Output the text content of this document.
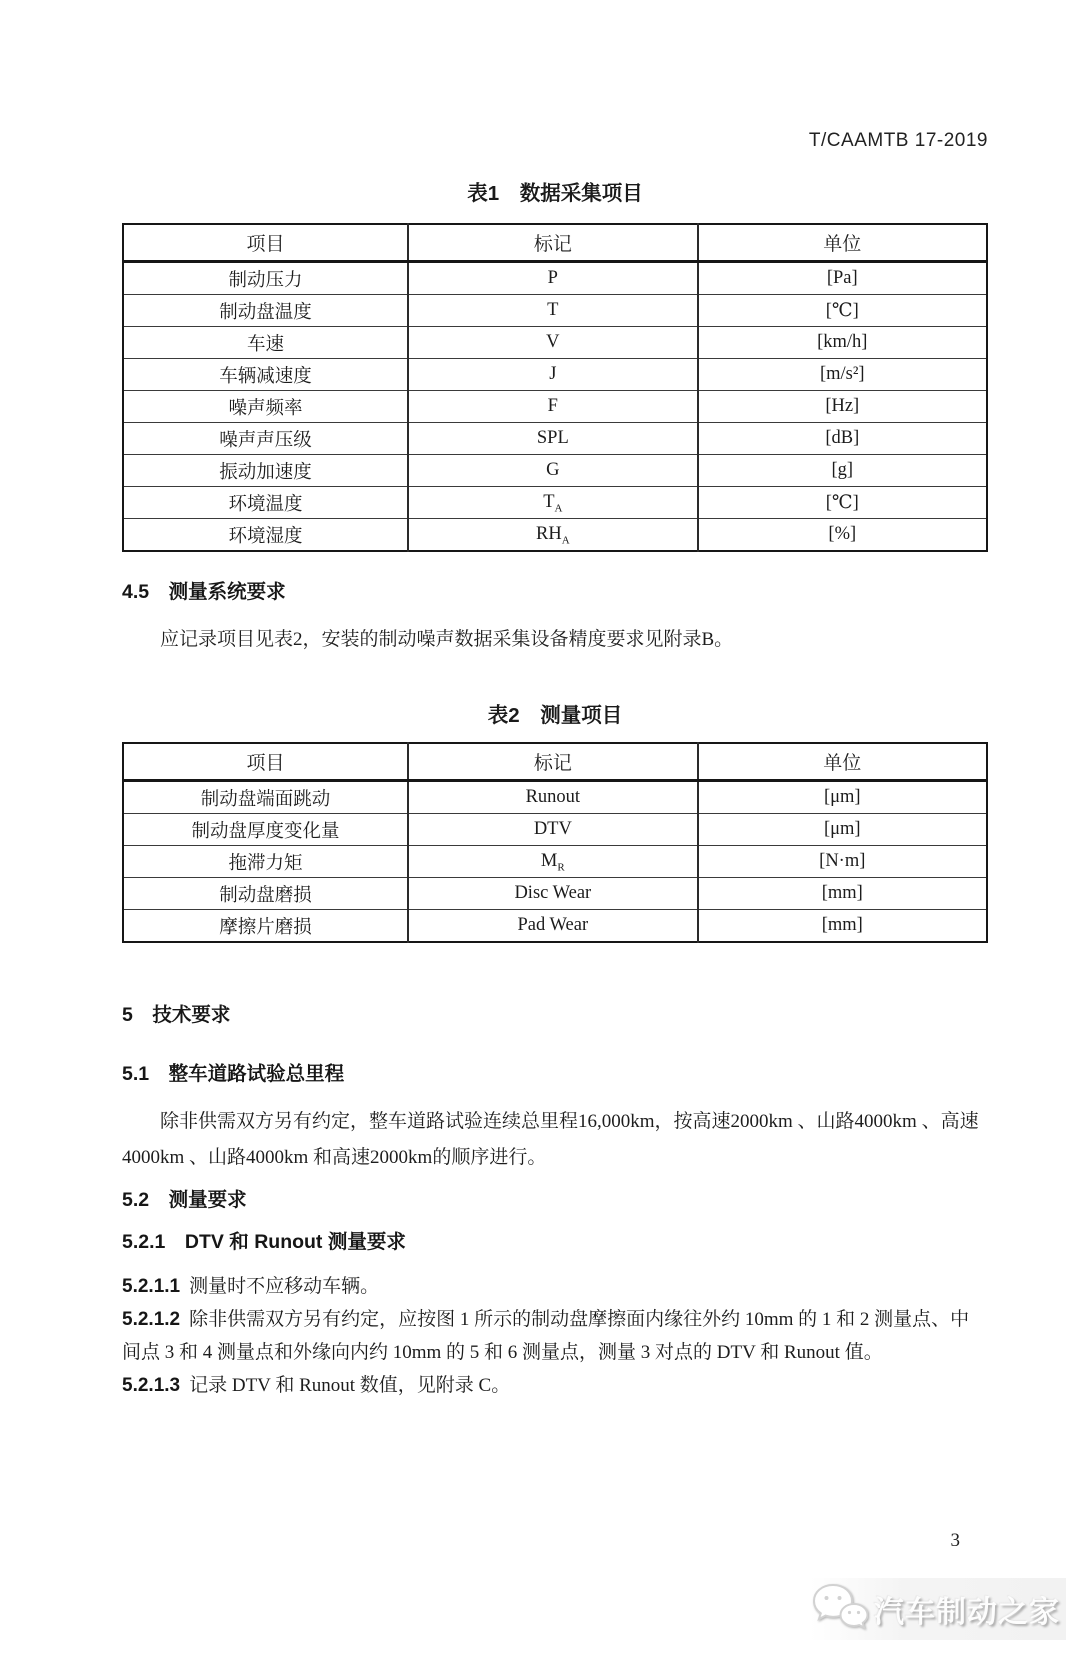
T/CAAMTB 17-2019
表1　数据采集项目
项目	标记	单位
制动压力	P	[Pa]
制动盘温度	T	[℃]
车速	V	[km/h]
车辆减速度	J	[m/s²]
噪声频率	F	[Hz]
噪声声压级	SPL	[dB]
振动加速度	G	[g]
环境温度	$T_A$	[℃]
环境湿度	$RH_A$	[%]
4.5　测量系统要求
应记录项目见表2，安装的制动噪声数据采集设备精度要求见附录B。
表2　测量项目
项目	标记	单位
制动盘端面跳动	Runout	[μm]
制动盘厚度变化量	DTV	[μm]
拖滞力矩	$M_R$	[N·m]
制动盘磨损	Disc Wear	[mm]
摩擦片磨损	Pad Wear	[mm]
5　技术要求
5.1　整车道路试验总里程
除非供需双方另有约定，整车道路试验连续总里程16,000km，按高速2000km 、山路4000km 、高速4000km 、山路4000km 和高速2000km的顺序进行。
5.2　测量要求
5.2.1　DTV 和 Runout 测量要求
5.2.1.1 测量时不应移动车辆。
5.2.1.2 除非供需双方另有约定，应按图 1 所示的制动盘摩擦面内缘往外约 10mm 的 1 和 2 测量点、中间点 3 和 4 测量点和外缘向内约 10mm 的 5 和 6 测量点，测量 3 对点的 DTV 和 Runout 值。
5.2.1.3 记录 DTV 和 Runout 数值，见附录 C。
3
汽车制动之家
